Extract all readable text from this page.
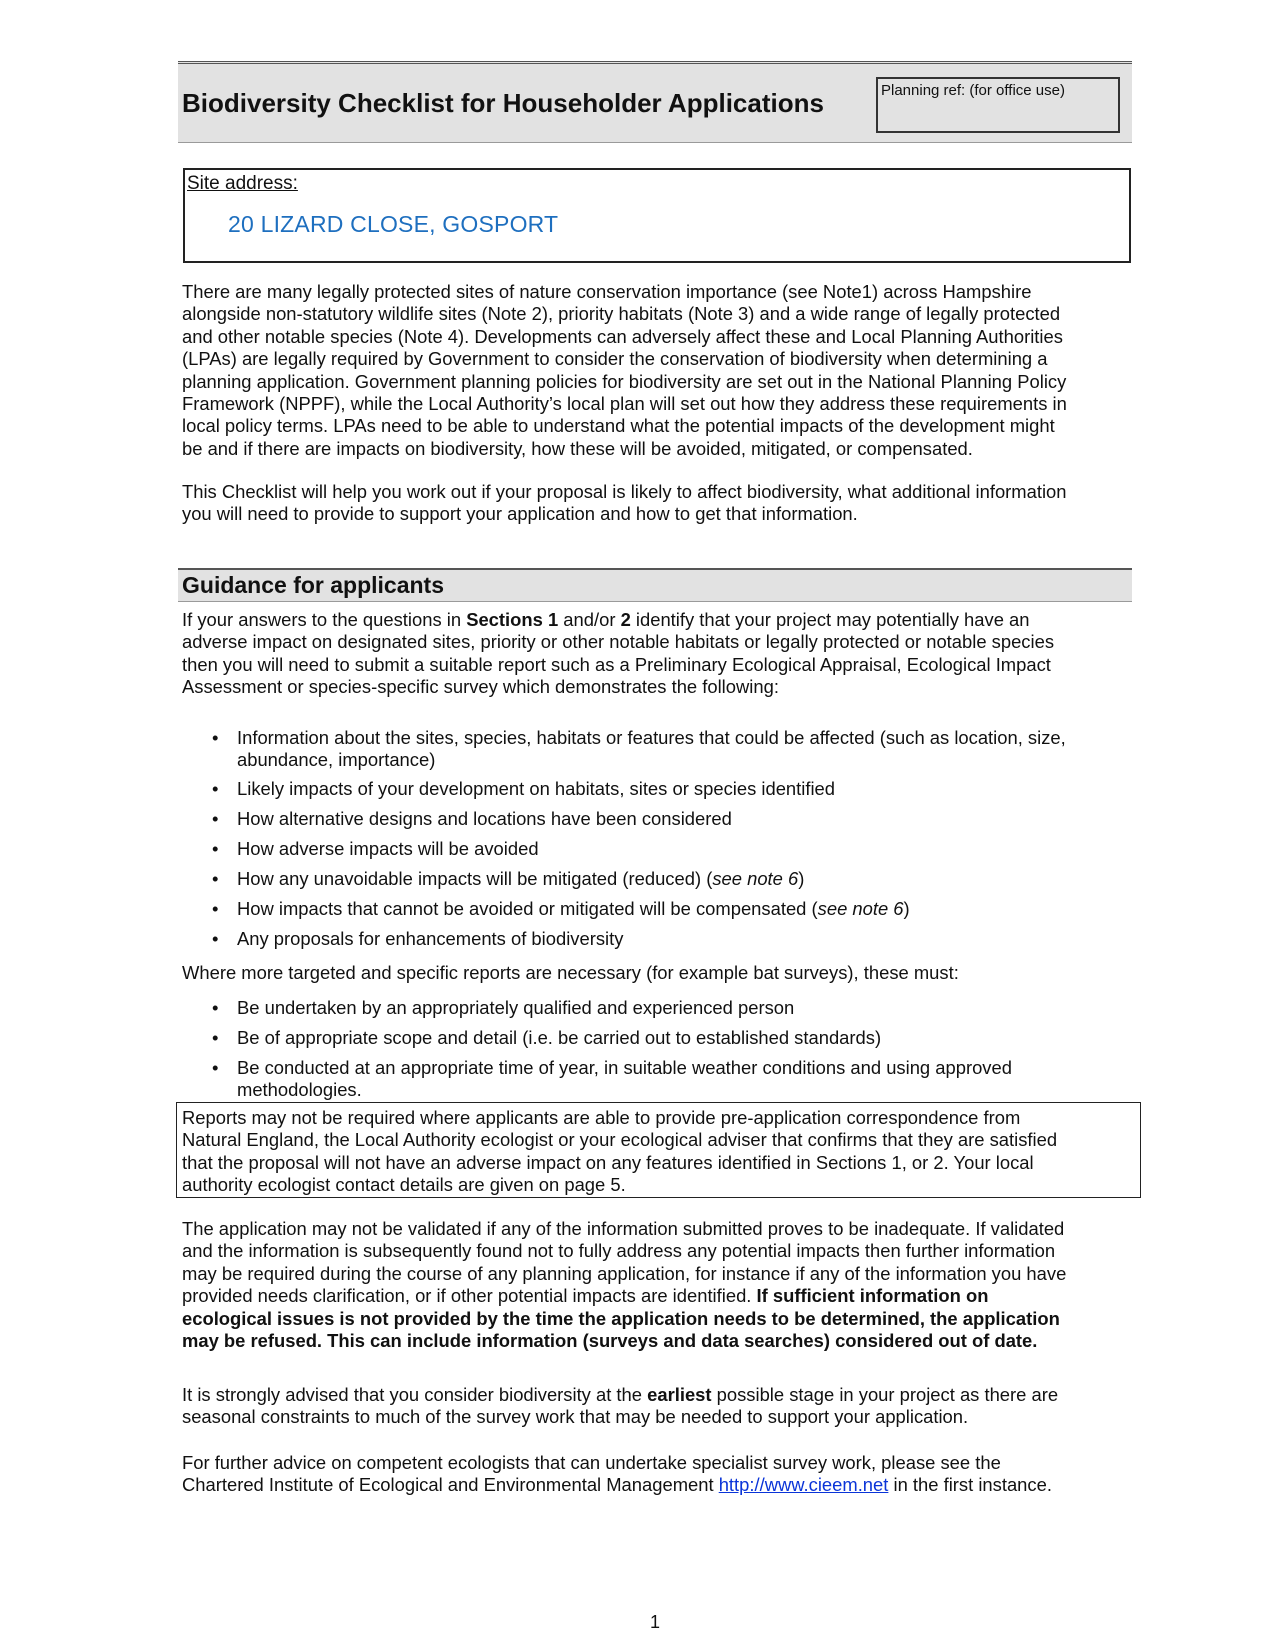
Biodiversity Checklist for Householder Applications	Planning ref: (for office use)
Site address:
20 LIZARD CLOSE, GOSPORT
There are many legally protected sites of nature conservation importance (see Note1) across Hampshire
alongside non-statutory wildlife sites (Note 2), priority habitats (Note 3) and a wide range of legally protected
and other notable species (Note 4). Developments can adversely affect these and Local Planning Authorities
(LPAs) are legally required by Government to consider the conservation of biodiversity when determining a
planning application. Government planning policies for biodiversity are set out in the National Planning Policy
Framework (NPPF), while the Local Authority’s local plan will set out how they address these requirements in
local policy terms. LPAs need to be able to understand what the potential impacts of the development might
be and if there are impacts on biodiversity, how these will be avoided, mitigated, or compensated.
This Checklist will help you work out if your proposal is likely to affect biodiversity, what additional information
you will need to provide to support your application and how to get that information.
Guidance for applicants
If your answers to the questions in Sections 1 and/or 2 identify that your project may potentially have an
adverse impact on designated sites, priority or other notable habitats or legally protected or notable species
then you will need to submit a suitable report such as a Preliminary Ecological Appraisal, Ecological Impact
Assessment or species-specific survey which demonstrates the following:
• Information about the sites, species, habitats or features that could be affected (such as location, size,
abundance, importance)
• Likely impacts of your development on habitats, sites or species identified
• How alternative designs and locations have been considered
• How adverse impacts will be avoided
• How any unavoidable impacts will be mitigated (reduced) (see note 6)
• How impacts that cannot be avoided or mitigated will be compensated (see note 6)
• Any proposals for enhancements of biodiversity
Where more targeted and specific reports are necessary (for example bat surveys), these must:
• Be undertaken by an appropriately qualified and experienced person
• Be of appropriate scope and detail (i.e. be carried out to established standards)
• Be conducted at an appropriate time of year, in suitable weather conditions and using approved
methodologies.
Reports may not be required where applicants are able to provide pre-application correspondence from
Natural England, the Local Authority ecologist or your ecological adviser that confirms that they are satisfied
that the proposal will not have an adverse impact on any features identified in Sections 1, or 2. Your local
authority ecologist contact details are given on page 5.
The application may not be validated if any of the information submitted proves to be inadequate. If validated
and the information is subsequently found not to fully address any potential impacts then further information
may be required during the course of any planning application, for instance if any of the information you have
provided needs clarification, or if other potential impacts are identified. If sufficient information on
ecological issues is not provided by the time the application needs to be determined, the application
may be refused. This can include information (surveys and data searches) considered out of date.
It is strongly advised that you consider biodiversity at the earliest possible stage in your project as there are
seasonal constraints to much of the survey work that may be needed to support your application.
For further advice on competent ecologists that can undertake specialist survey work, please see the
Chartered Institute of Ecological and Environmental Management http://www.cieem.net in the first instance.
1
